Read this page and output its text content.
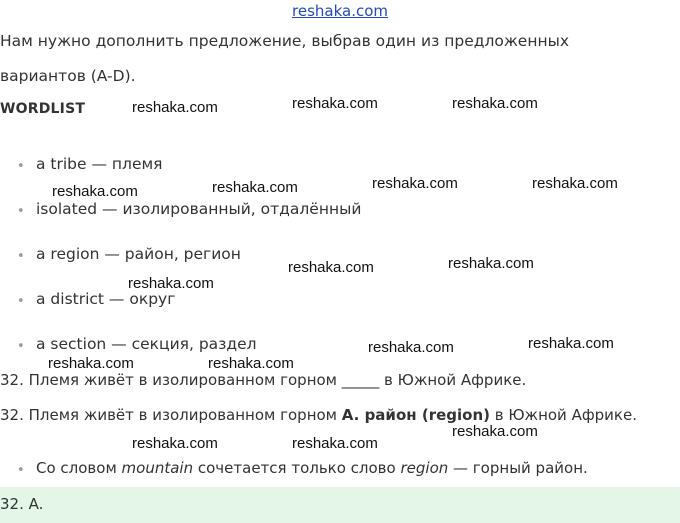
reshaka.com
Нам нужно дополнить предложение, выбрав один из предложенных
вариантов (A-D).
WORDLIST
• a tribe — племя
• isolated — изолированный, отдалённый
• a region — район, регион
• a district — округ
• a section — секция, раздел
32. Племя живёт в изолированном горном _____ в Южной Африке.
32. Племя живёт в изолированном горном A. район (region) в Южной Африке.
• Со словом mountain сочетается только слово region — горный район.
32. A.
reshaka.com	reshaka.com	reshaka.com
reshaka.com	reshaka.com	reshaka.com	reshaka.com
reshaka.com
reshaka.com	reshaka.com
reshaka.com	reshaka.com
reshaka.com	reshaka.com
reshaka.com	reshaka.com
reshaka.com
